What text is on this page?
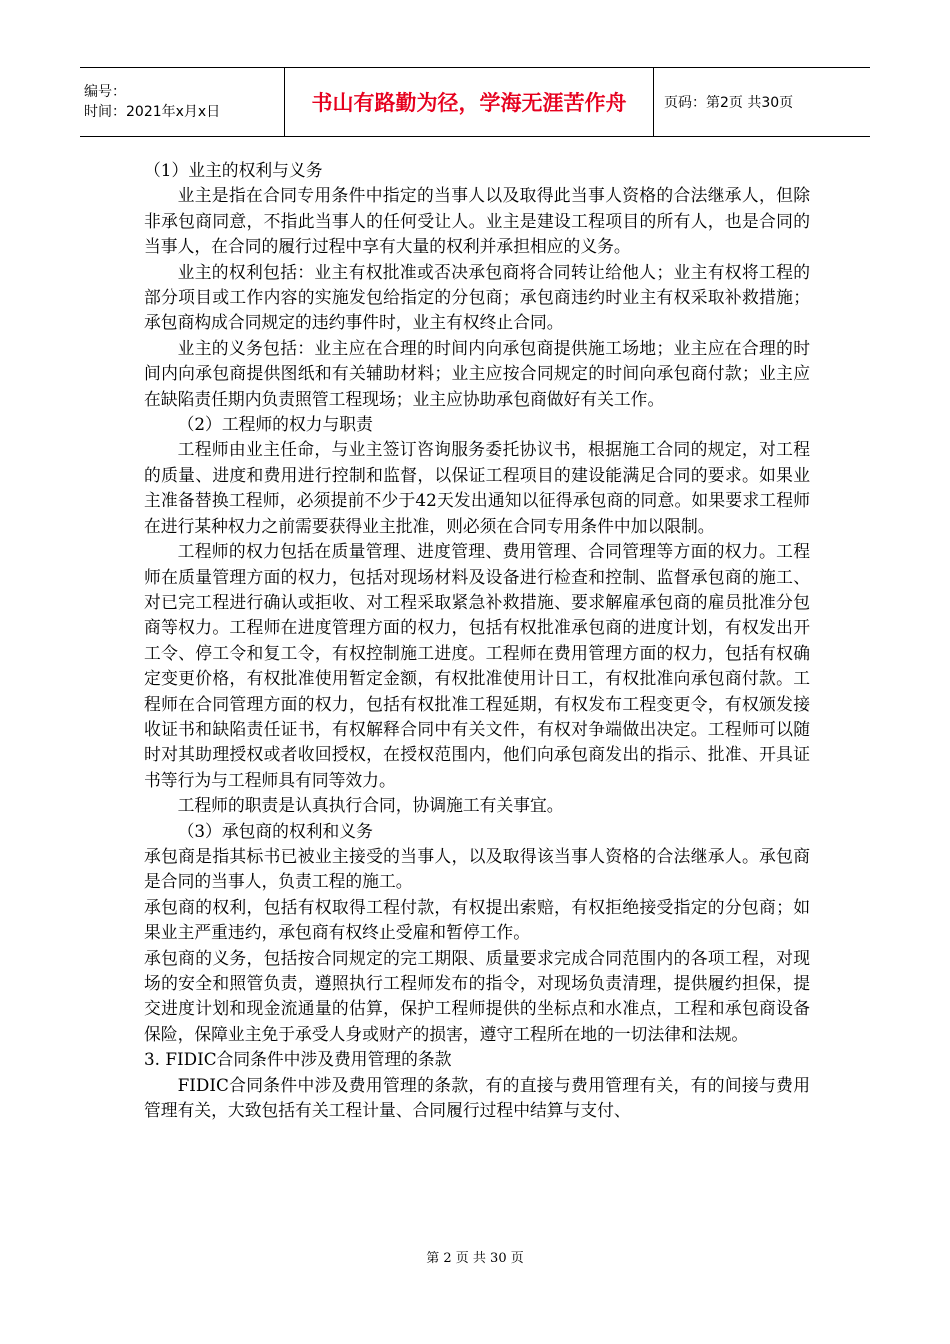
编号：
时间：2021年x月x日	书山有路勤为径，学海无涯苦作舟	页码：第2页 共30页

（1）业主的权利与义务

业主是指在合同专用条件中指定的当事人以及取得此当事人资格的合法继承人，但除非承包商同意，不指此当事人的任何受让人。业主是建设工程项目的所有人，也是合同的当事人，在合同的履行过程中享有大量的权利并承担相应的义务。

业主的权利包括：业主有权批准或否决承包商将合同转让给他人；业主有权将工程的部分项目或工作内容的实施发包给指定的分包商；承包商违约时业主有权采取补救措施；承包商构成合同规定的违约事件时，业主有权终止合同。

业主的义务包括：业主应在合理的时间内向承包商提供施工场地；业主应在合理的时间内向承包商提供图纸和有关辅助材料；业主应按合同规定的时间向承包商付款；业主应在缺陷责任期内负责照管工程现场；业主应协助承包商做好有关工作。

（2）工程师的权力与职责

工程师由业主任命，与业主签订咨询服务委托协议书，根据施工合同的规定，对工程的质量、进度和费用进行控制和监督，以保证工程项目的建设能满足合同的要求。如果业主准备替换工程师，必须提前不少于42天发出通知以征得承包商的同意。如果要求工程师在进行某种权力之前需要获得业主批准，则必须在合同专用条件中加以限制。

工程师的权力包括在质量管理、进度管理、费用管理、合同管理等方面的权力。工程师在质量管理方面的权力，包括对现场材料及设备进行检查和控制、监督承包商的施工、对已完工程进行确认或拒收、对工程采取紧急补救措施、要求解雇承包商的雇员批准分包商等权力。工程师在进度管理方面的权力，包括有权批准承包商的进度计划，有权发出开工令、停工令和复工令，有权控制施工进度。工程师在费用管理方面的权力，包括有权确定变更价格，有权批准使用暂定金额，有权批准使用计日工，有权批准向承包商付款。工程师在合同管理方面的权力，包括有权批准工程延期，有权发布工程变更令，有权颁发接收证书和缺陷责任证书，有权解释合同中有关文件，有权对争端做出决定。工程师可以随时对其助理授权或者收回授权，在授权范围内，他们向承包商发出的指示、批准、开具证书等行为与工程师具有同等效力。

工程师的职责是认真执行合同，协调施工有关事宜。

（3）承包商的权利和义务

承包商是指其标书已被业主接受的当事人，以及取得该当事人资格的合法继承人。承包商是合同的当事人，负责工程的施工。

承包商的权利，包括有权取得工程付款，有权提出索赔，有权拒绝接受指定的分包商；如果业主严重违约，承包商有权终止受雇和暂停工作。

承包商的义务，包括按合同规定的完工期限、质量要求完成合同范围内的各项工程，对现场的安全和照管负责，遵照执行工程师发布的指令，对现场负责清理，提供履约担保，提交进度计划和现金流通量的估算，保护工程师提供的坐标点和水准点，工程和承包商设备保险，保障业主免于承受人身或财产的损害，遵守工程所在地的一切法律和法规。

3. FIDIC合同条件中涉及费用管理的条款

FIDIC合同条件中涉及费用管理的条款，有的直接与费用管理有关，有的间接与费用管理有关，大致包括有关工程计量、合同履行过程中结算与支付、

第 2 页 共 30 页
